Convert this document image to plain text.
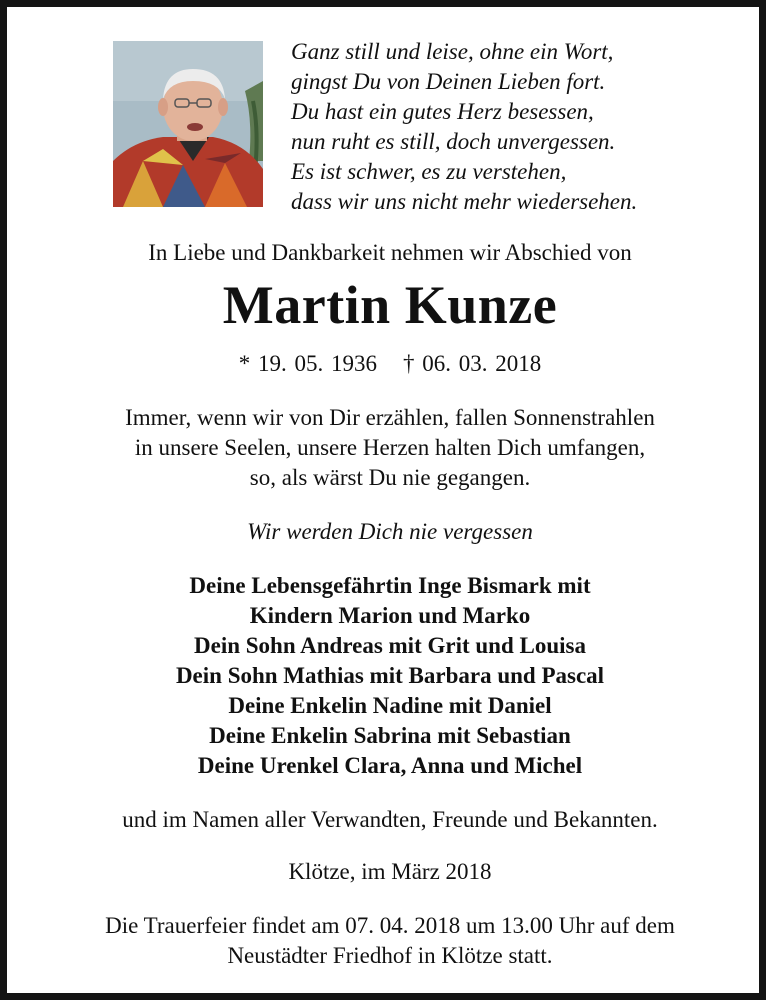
Ganz still und leise, ohne ein Wort,
gingst Du von Deinen Lieben fort.
Du hast ein gutes Herz besessen,
nun ruht es still, doch unvergessen.
Es ist schwer, es zu verstehen,
dass wir uns nicht mehr wiedersehen.
In Liebe und Dankbarkeit nehmen wir Abschied von
Martin Kunze
* 19. 05. 1936 † 06. 03. 2018
Immer, wenn wir von Dir erzählen, fallen Sonnenstrahlen
in unsere Seelen, unsere Herzen halten Dich umfangen,
so, als wärst Du nie gegangen.
Wir werden Dich nie vergessen
Deine Lebensgefährtin Inge Bismark mit
Kindern Marion und Marko
Dein Sohn Andreas mit Grit und Louisa
Dein Sohn Mathias mit Barbara und Pascal
Deine Enkelin Nadine mit Daniel
Deine Enkelin Sabrina mit Sebastian
Deine Urenkel Clara, Anna und Michel
und im Namen aller Verwandten, Freunde und Bekannten.
Klötze, im März 2018
Die Trauerfeier findet am 07. 04. 2018 um 13.00 Uhr auf dem
Neustädter Friedhof in Klötze statt.
